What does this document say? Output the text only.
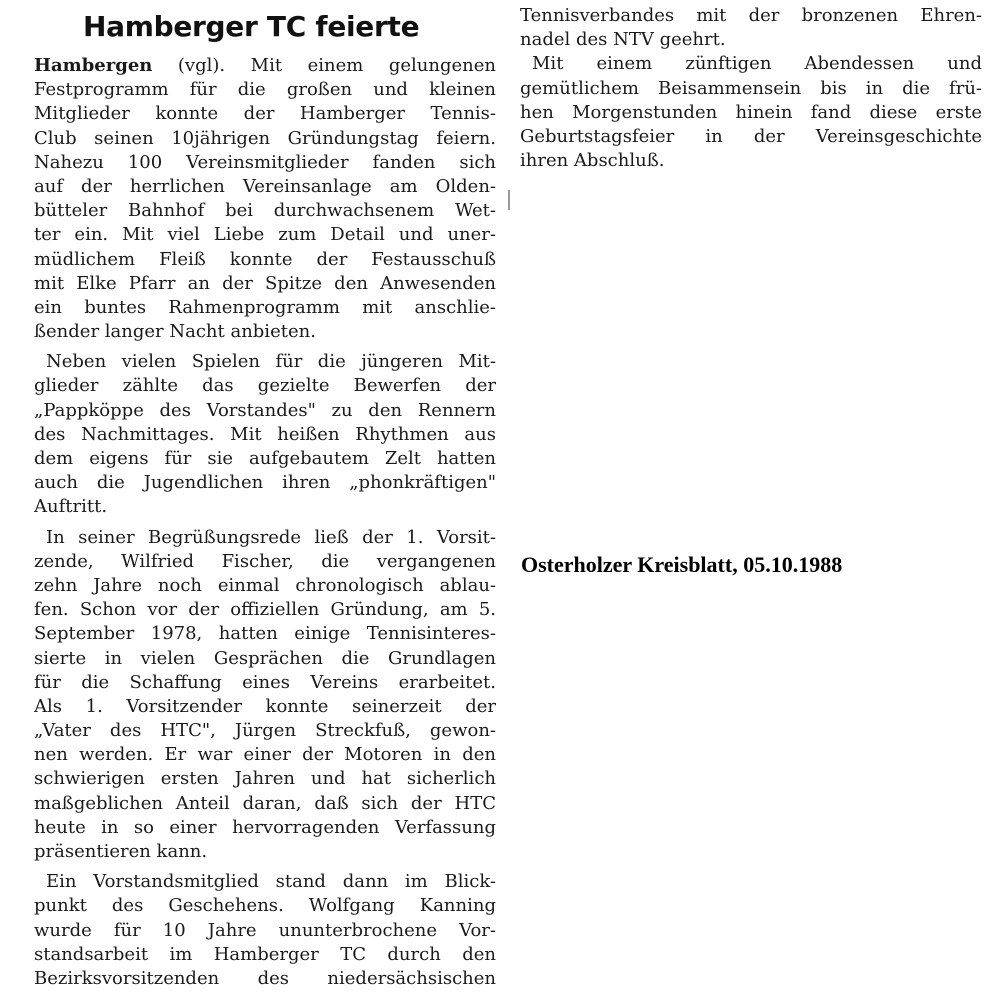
Hamberger TC feierte
Hambergen (vgl). Mit einem gelungenen
Festprogramm für die großen und kleinen
Mitglieder konnte der Hamberger Tennis-
Club seinen 10jährigen Gründungstag feiern.
Nahezu 100 Vereinsmitglieder fanden sich
auf der herrlichen Vereinsanlage am Olden-
bütteler Bahnhof bei durchwachsenem Wet-
ter ein. Mit viel Liebe zum Detail und uner-
müdlichem Fleiß konnte der Festausschuß
mit Elke Pfarr an der Spitze den Anwesenden
ein buntes Rahmenprogramm mit anschlie-
ßender langer Nacht anbieten.
Neben vielen Spielen für die jüngeren Mit-
glieder zählte das gezielte Bewerfen der
„Pappköppe des Vorstandes" zu den Rennern
des Nachmittages. Mit heißen Rhythmen aus
dem eigens für sie aufgebautem Zelt hatten
auch die Jugendlichen ihren „phonkräftigen"
Auftritt.
In seiner Begrüßungsrede ließ der 1. Vorsit-
zende, Wilfried Fischer, die vergangenen
zehn Jahre noch einmal chronologisch ablau-
fen. Schon vor der offiziellen Gründung, am 5.
September 1978, hatten einige Tennisinteres-
sierte in vielen Gesprächen die Grundlagen
für die Schaffung eines Vereins erarbeitet.
Als 1. Vorsitzender konnte seinerzeit der
„Vater des HTC", Jürgen Streckfuß, gewon-
nen werden. Er war einer der Motoren in den
schwierigen ersten Jahren und hat sicherlich
maßgeblichen Anteil daran, daß sich der HTC
heute in so einer hervorragenden Verfassung
präsentieren kann.
Ein Vorstandsmitglied stand dann im Blick-
punkt des Geschehens. Wolfgang Kanning
wurde für 10 Jahre ununterbrochene Vor-
standsarbeit im Hamberger TC durch den
Bezirksvorsitzenden des niedersächsischen
Tennisverbandes mit der bronzenen Ehren-
nadel des NTV geehrt.
Mit einem zünftigen Abendessen und
gemütlichem Beisammensein bis in die frü-
hen Morgenstunden hinein fand diese erste
Geburtstagsfeier in der Vereinsgeschichte
ihren Abschluß.

Osterholzer Kreisblatt, 05.10.1988
